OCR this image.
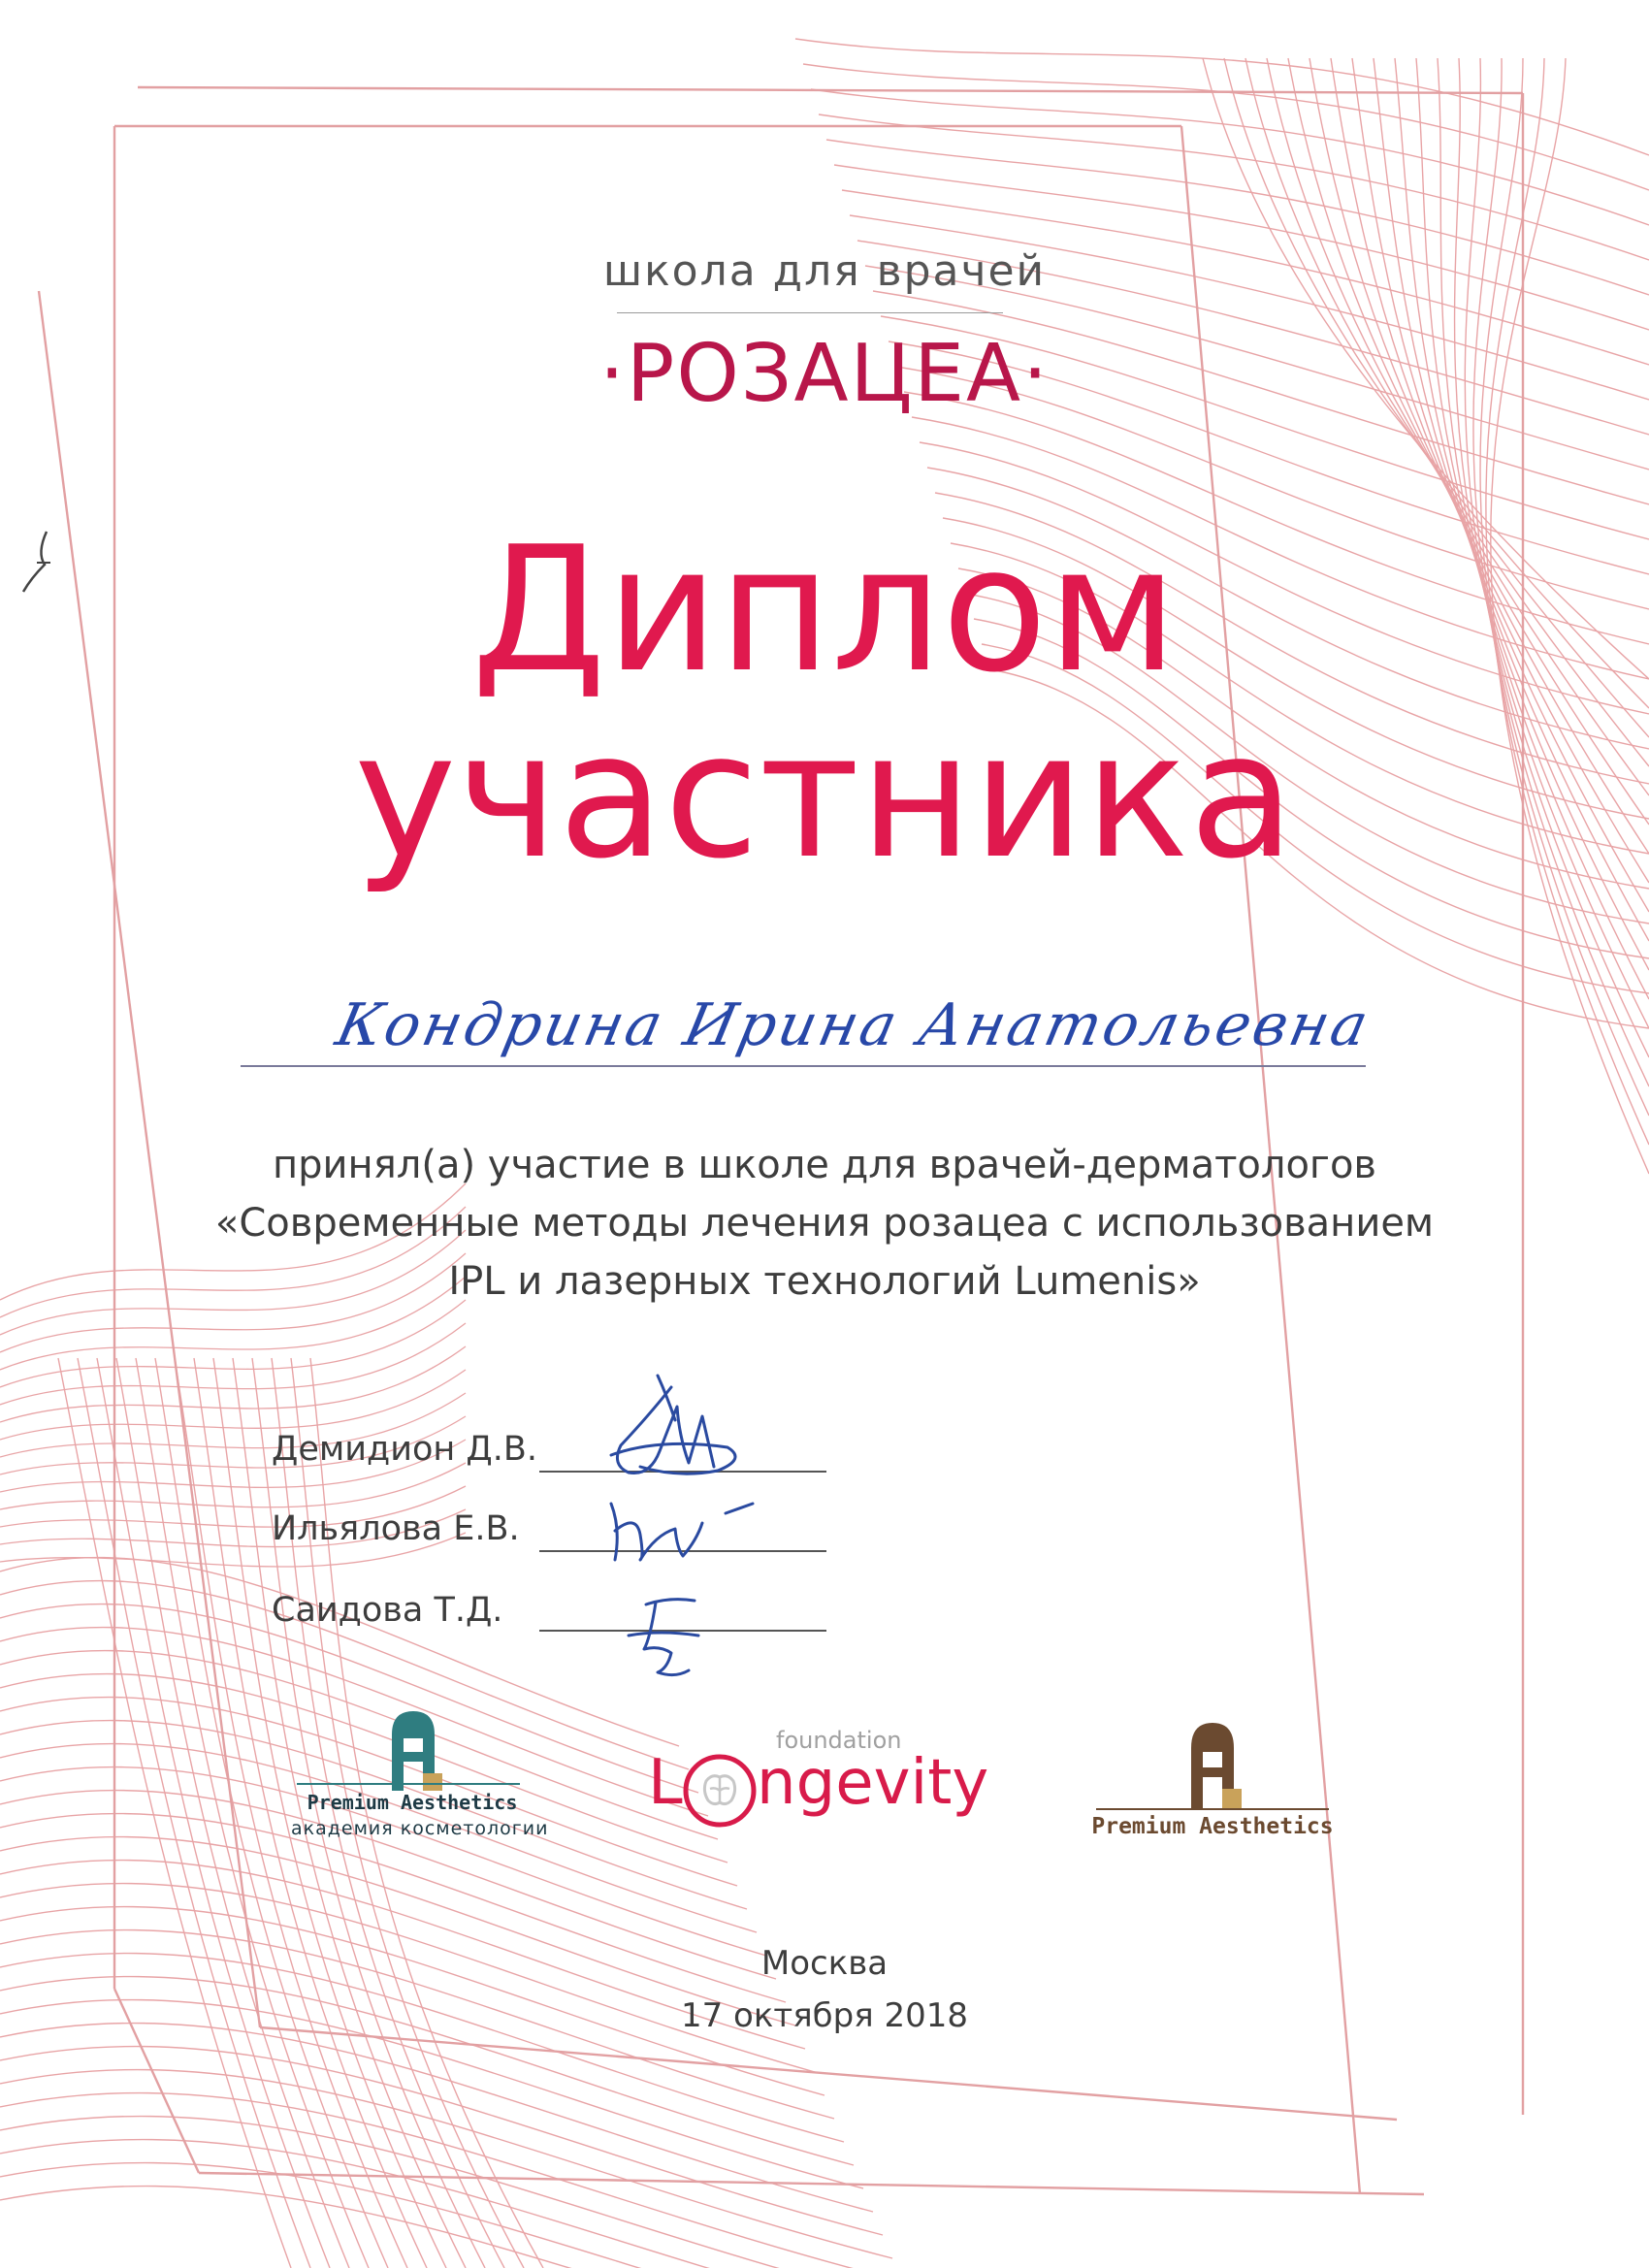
школа для врачей
·РОЗАЦЕА·
Диплом
участника
Кондрина Ирина Анатольевна
принял(а) участие в школе для врачей-дерматологов
«Современные методы лечения розацеа с использованием
IPL и лазерных технологий Lumenis»
Демидион Д.В.
Ильялова Е.В.
Саидова Т.Д.
Premium Aesthetics
академия косметологии
foundation
L ngevity
Premium Aesthetics
Москва
17 октября 2018
